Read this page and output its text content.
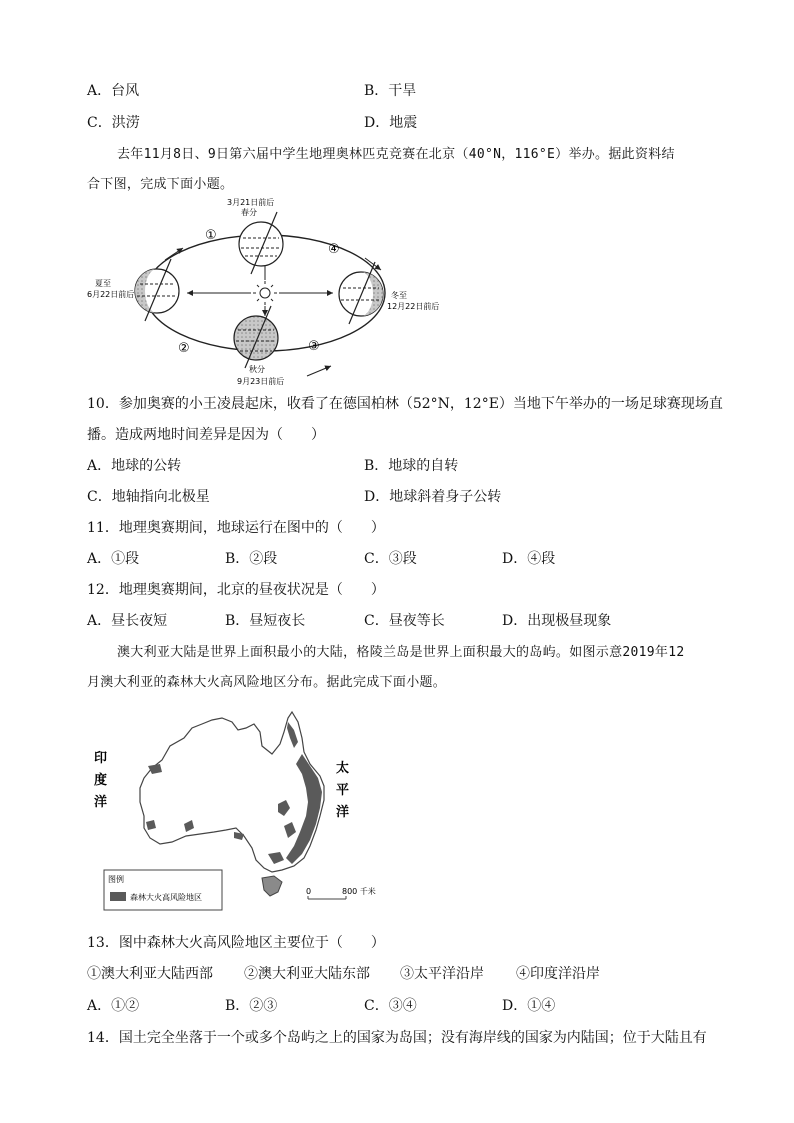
A．台风	B．干旱
C．洪涝	D．地震
去年11月8日、9日第六届中学生地理奥林匹克竞赛在北京（40°N，116°E）举办。据此资料结
合下图，完成下面小题。
3月21日前后
春分
夏至
6月22日前后	冬至
12月22日前后
秋分
9月23日前后
①
②	③
④
10．参加奥赛的小王凌晨起床，收看了在德国柏林（52°N，12°E）当地下午举办的一场足球赛现场直
播。造成两地时间差异是因为（　　）
A．地球的公转	B．地球的自转
C．地轴指向北极星	D．地球斜着身子公转
11．地理奥赛期间，地球运行在图中的（　　）
A．①段	B．②段	C．③段	D．④段
12．地理奥赛期间，北京的昼夜状况是（　　）
A．昼长夜短	B．昼短夜长	C．昼夜等长	D．出现极昼现象
澳大利亚大陆是世界上面积最小的大陆，格陵兰岛是世界上面积最大的岛屿。如图示意2019年12
月澳大利亚的森林大火高风险地区分布。据此完成下面小题。
印
度
洋
太
平
洋
图例
森林大火高风险地区
0	800 千米
13．图中森林大火高风险地区主要位于（　　）
①澳大利亚大陆西部 ②澳大利亚大陆东部 ③太平洋沿岸 ④印度洋沿岸
A．①②	B．②③	C．③④	D．①④
14．国土完全坐落于一个或多个岛屿之上的国家为岛国；没有海岸线的国家为内陆国；位于大陆且有
